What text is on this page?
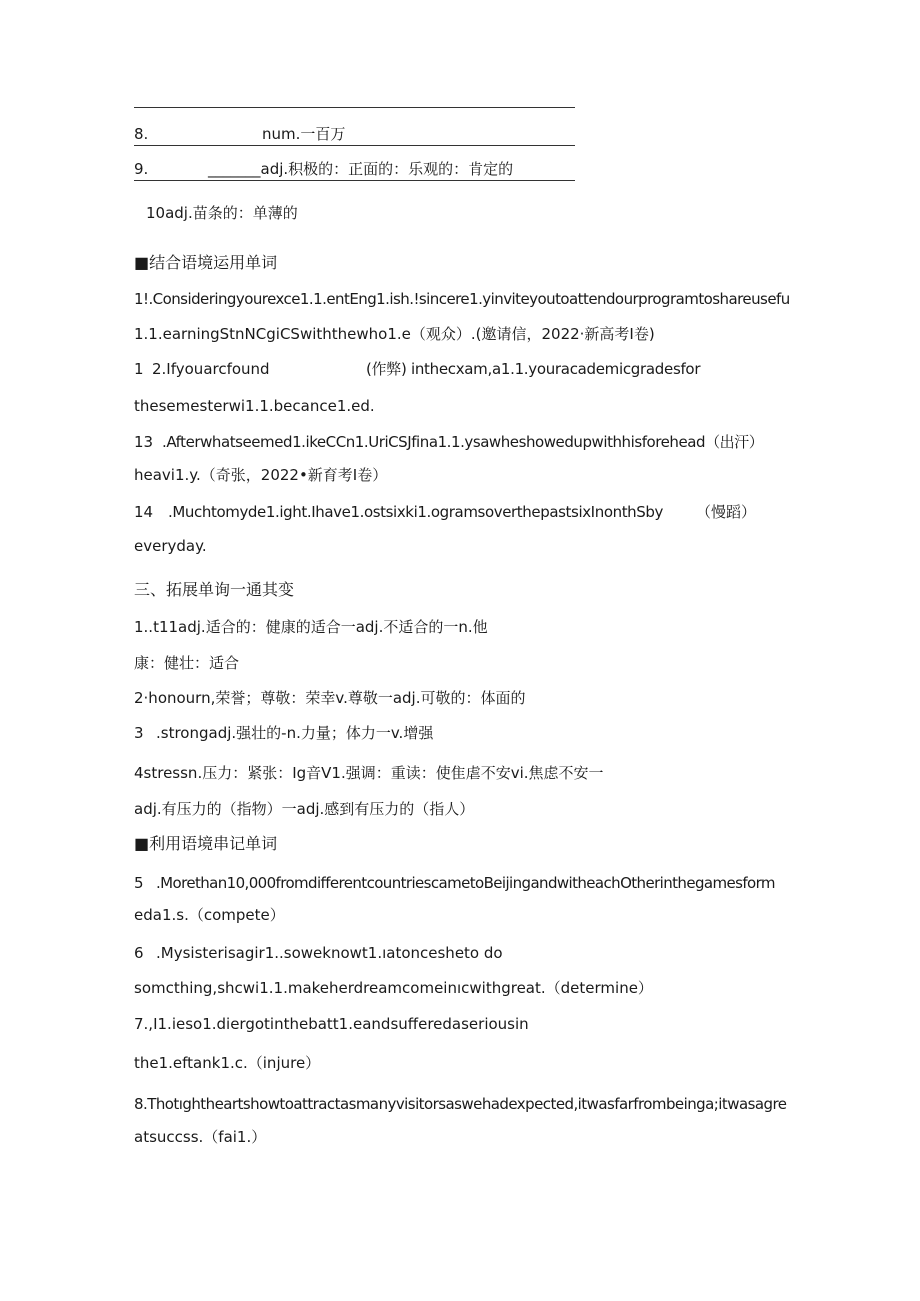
8.	num.一百万
9.	_______adj.积极的：正面的：乐观的：肯定的
10adj.苗条的：单薄的
■结合语境运用单词
1!.Consideringyourexce1.1.entEng1.ish.!sincere1.yinviteyoutoattendourprogramtoshareusefu
1.1.earningStnNCgiCSwiththewho1.e（观众）.(邀请信，2022·新高考I卷)
1 2.Ifyouarcfound	(作弊) inthecxam,a1.1.youracademicgradesfor
thesemesterwi1.1.becance1.ed.
13 .Afterwhatseemed1.ikeCCn1.UriCSJfina1.1.ysawheshowedupwithhisforehead（出汗）
heavi1.y.（奇张，2022•新育考I卷）
14 .Muchtomyde1.ight.Ihave1.ostsixki1.ogramsoverthepastsixInonthSby （慢蹈）
everyday.
三、拓展单询一通其变
1..t11adj.适合的：健康的适合一adj.不适合的一n.他
康：健壮：适合
2·honourn,荣誉；尊敬：荣幸v.尊敬一adj.可敬的：体面的
3 .strongadj.强壮的-n.力量；体力一v.增强
4stressn.压力：紧张：Ig音V1.强调：重读：使隹虐不安vi.焦虑不安一
adj.有压力的（指物）一adj.感到有压力的（指人）
■利用语境串记单词
5 .Morethan10,000fromdifferentcountriescametoBeijingandwitheachOtherinthegamesform
eda1.s.（compete）
6 .Mysisterisagir1..soweknowt1.ıatoncesheto do
somcthing,shcwi1.1.makeherdreamcomeinıcwithgreat.（determine）
7.,I1.ieso1.diergotinthebatt1.eandsufferedaseriousin
the1.eftank1.c.（injure）
8.Thotıghtheartshowtoattractasmanyvisitorsaswehadexpected,itwasfarfrombeinga;itwasagre
atsuccss.（fai1.）
